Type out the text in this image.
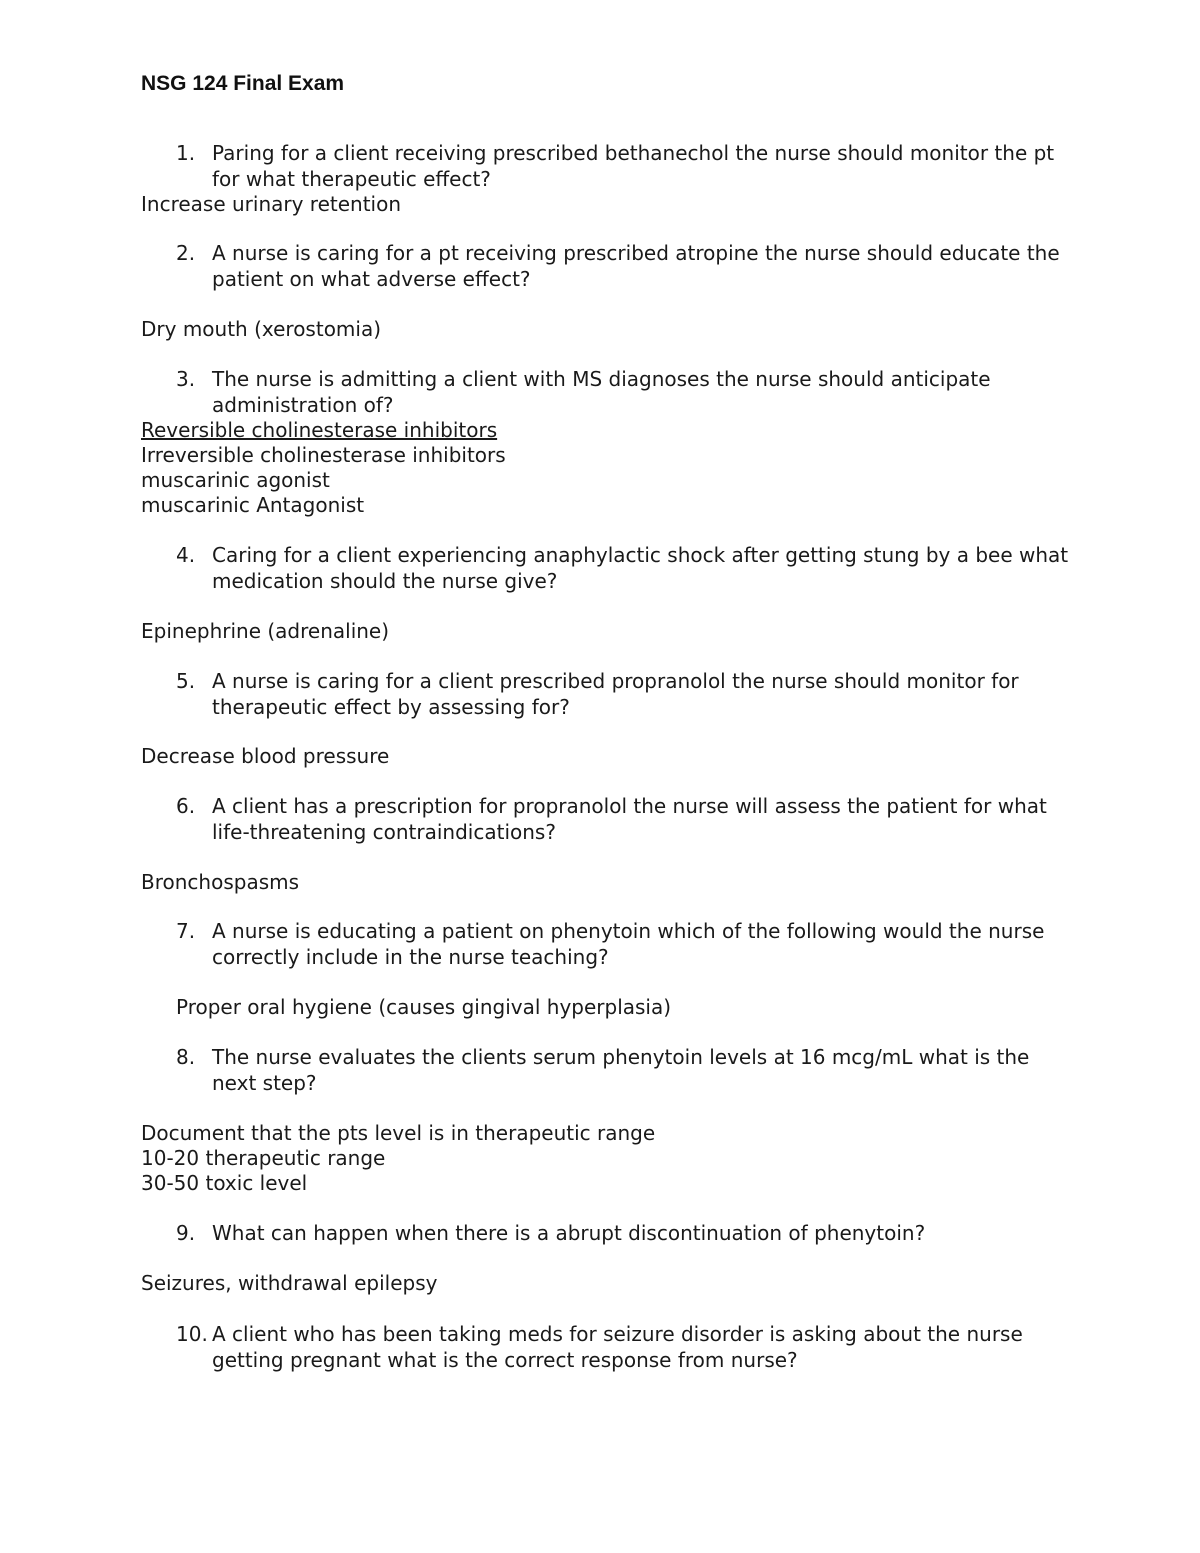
NSG 124 Final Exam
1. Paring for a client receiving prescribed bethanechol the nurse should monitor the pt for what therapeutic effect?
Increase urinary retention
2. A nurse is caring for a pt receiving prescribed atropine the nurse should educate the patient on what adverse effect?
Dry mouth (xerostomia)
3. The nurse is admitting a client with MS diagnoses the nurse should anticipate administration of?
Reversible cholinesterase inhibitors
Irreversible cholinesterase inhibitors
muscarinic agonist
muscarinic Antagonist
4. Caring for a client experiencing anaphylactic shock after getting stung by a bee what medication should the nurse give?
Epinephrine (adrenaline)
5. A nurse is caring for a client prescribed propranolol the nurse should monitor for therapeutic effect by assessing for?
Decrease blood pressure
6. A client has a prescription for propranolol the nurse will assess the patient for what life-threatening contraindications?
Bronchospasms
7. A nurse is educating a patient on phenytoin which of the following would the nurse correctly include in the nurse teaching?
Proper oral hygiene (causes gingival hyperplasia)
8. The nurse evaluates the clients serum phenytoin levels at 16 mcg/mL what is the next step?
Document that the pts level is in therapeutic range
10-20 therapeutic range
30-50 toxic level
9. What can happen when there is a abrupt discontinuation of phenytoin?
Seizures, withdrawal epilepsy
10. A client who has been taking meds for seizure disorder is asking about the nurse getting pregnant what is the correct response from nurse?
